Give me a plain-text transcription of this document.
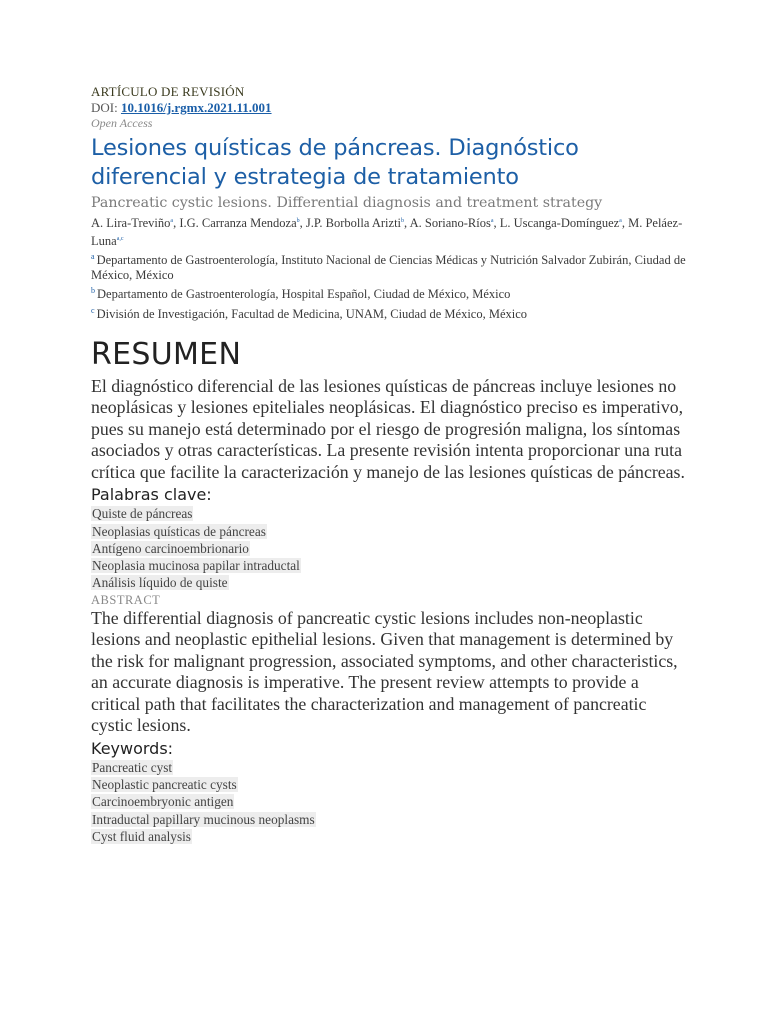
ARTÍCULO DE REVISIÓN
DOI: 10.1016/j.rgmx.2021.11.001
Open Access
Lesiones quísticas de páncreas. Diagnóstico diferencial y estrategia de tratamiento
Pancreatic cystic lesions. Differential diagnosis and treatment strategy
A. Lira-Treviño$^a$, I.G. Carranza Mendoza$^b$, J.P. Borbolla Arizti$^b$, A. Soriano-Ríos$^a$, L. Uscanga-Domínguez$^a$, M. Peláez-Luna$^{a,c}$
$^a$ Departamento de Gastroenterología, Instituto Nacional de Ciencias Médicas y Nutrición Salvador Zubirán, Ciudad de México, México
$^b$ Departamento de Gastroenterología, Hospital Español, Ciudad de México, México
$^c$ División de Investigación, Facultad de Medicina, UNAM, Ciudad de México, México
RESUMEN
El diagnóstico diferencial de las lesiones quísticas de páncreas incluye lesiones no neoplásicas y lesiones epiteliales neoplásicas. El diagnóstico preciso es imperativo, pues su manejo está determinado por el riesgo de progresión maligna, los síntomas asociados y otras características. La presente revisión intenta proporcionar una ruta crítica que facilite la caracterización y manejo de las lesiones quísticas de páncreas.
Palabras clave:
Quiste de páncreas
Neoplasias quísticas de páncreas
Antígeno carcinoembrionario
Neoplasia mucinosa papilar intraductal
Análisis líquido de quiste
ABSTRACT
The differential diagnosis of pancreatic cystic lesions includes non-neoplastic lesions and neoplastic epithelial lesions. Given that management is determined by the risk for malignant progression, associated symptoms, and other characteristics, an accurate diagnosis is imperative. The present review attempts to provide a critical path that facilitates the characterization and management of pancreatic cystic lesions.
Keywords:
Pancreatic cyst
Neoplastic pancreatic cysts
Carcinoembryonic antigen
Intraductal papillary mucinous neoplasms
Cyst fluid analysis
